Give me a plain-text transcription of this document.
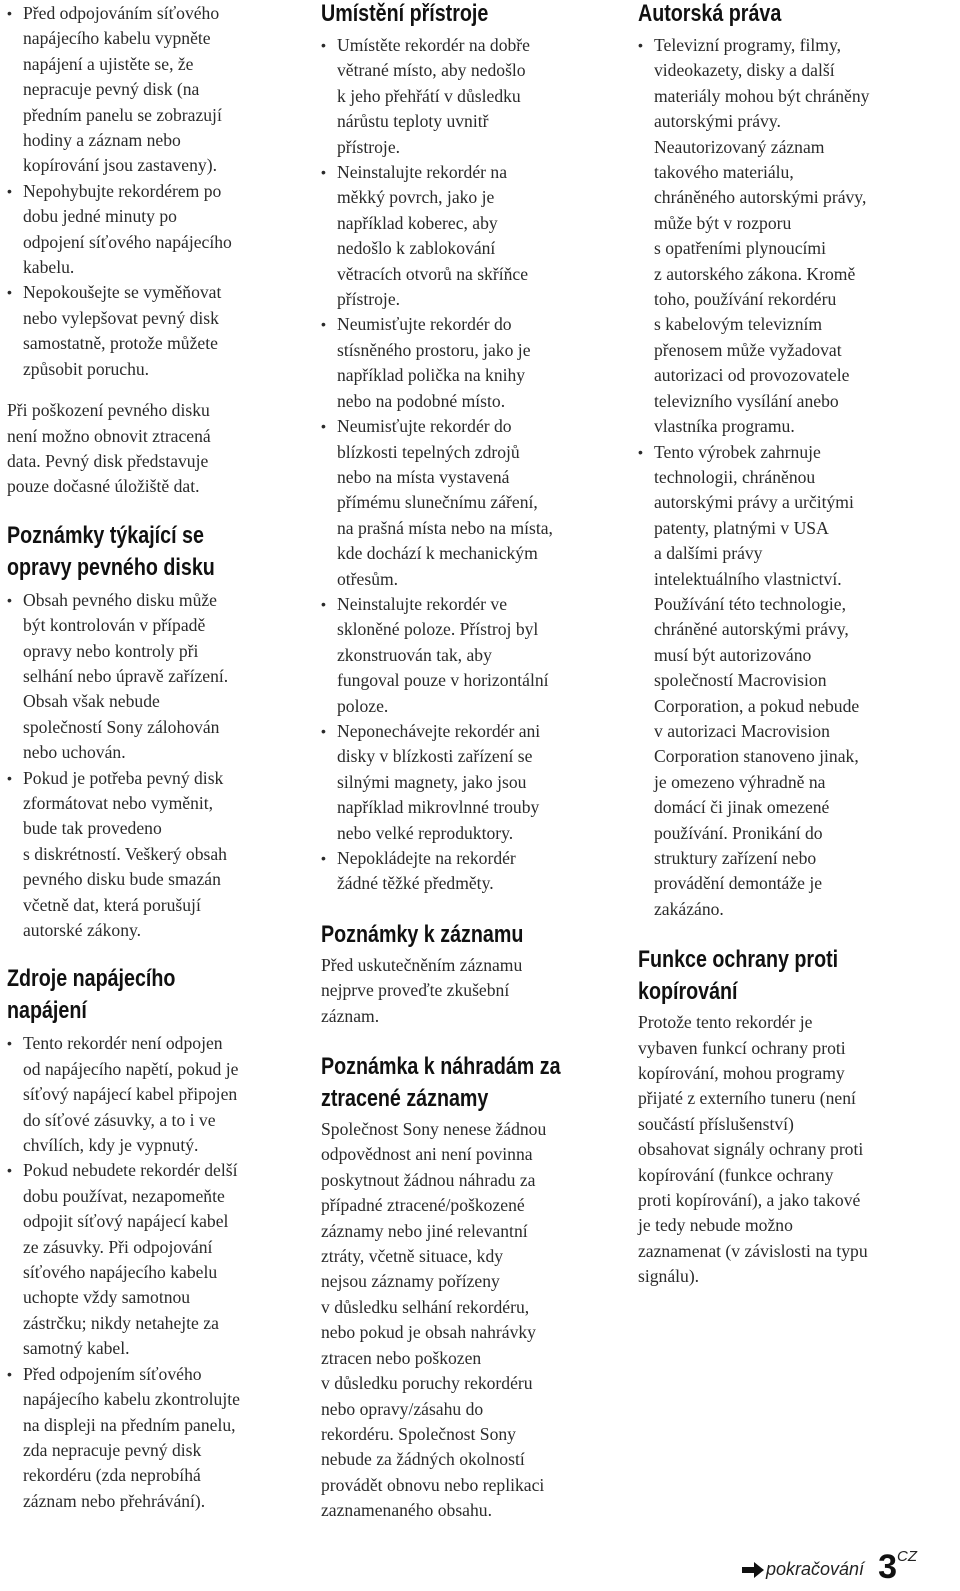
• Před odpojováním síťového
napájecího kabelu vypněte
napájení a ujistěte se, že
nepracuje pevný disk (na
předním panelu se zobrazují
hodiny a záznam nebo
kopírování jsou zastaveny).
• Nepohybujte rekordérem po
dobu jedné minuty po
odpojení síťového napájecího
kabelu.
• Nepokoušejte se vyměňovat
nebo vylepšovat pevný disk
samostatně, protože můžete
způsobit poruchu.

Při poškození pevného disku
není možno obnovit ztracená
data. Pevný disk představuje
pouze dočasné úložiště dat.

Poznámky týkající se
opravy pevného disku
• Obsah pevného disku může
být kontrolován v případě
opravy nebo kontroly při
selhání nebo úpravě zařízení.
Obsah však nebude
společností Sony zálohován
nebo uchován.
• Pokud je potřeba pevný disk
zformátovat nebo vyměnit,
bude tak provedeno
s diskrétností. Veškerý obsah
pevného disku bude smazán
včetně dat, která porušují
autorské zákony.
Zdroje napájecího
napájení
• Tento rekordér není odpojen
od napájecího napětí, pokud je
síťový napájecí kabel připojen
do síťové zásuvky, a to i ve
chvílích, kdy je vypnutý.
• Pokud nebudete rekordér delší
dobu používat, nezapomeňte
odpojit síťový napájecí kabel
ze zásuvky. Při odpojování
síťového napájecího kabelu
uchopte vždy samotnou
zástrčku; nikdy netahejte za
samotný kabel.
• Před odpojením síťového
napájecího kabelu zkontrolujte
na displeji na předním panelu,
zda nepracuje pevný disk
rekordéru (zda neprobíhá
záznam nebo přehrávání).
Umístění přístroje
• Umístěte rekordér na dobře
větrané místo, aby nedošlo
k jeho přehřátí v důsledku
nárůstu teploty uvnitř
přístroje.
• Neinstalujte rekordér na
měkký povrch, jako je
například koberec, aby
nedošlo k zablokování
větracích otvorů na skříňce
přístroje.
• Neumisťujte rekordér do
stísněného prostoru, jako je
například polička na knihy
nebo na podobné místo.
• Neumisťujte rekordér do
blízkosti tepelných zdrojů
nebo na místa vystavená
přímému slunečnímu záření,
na prašná místa nebo na místa,
kde dochází k mechanickým
otřesům.
• Neinstalujte rekordér ve
skloněné poloze. Přístroj byl
zkonstruován tak, aby
fungoval pouze v horizontální
poloze.
• Neponechávejte rekordér ani
disky v blízkosti zařízení se
silnými magnety, jako jsou
například mikrovlnné trouby
nebo velké reproduktory.
• Nepokládejte na rekordér
žádné těžké předměty.
Poznámky k záznamu

Před uskutečněním záznamu
nejprve proveďte zkušební
záznam.

Poznámka k náhradám za
ztracené záznamy

Společnost Sony nenese žádnou
odpovědnost ani není povinna
poskytnout žádnou náhradu za
případné ztracené/poškozené
záznamy nebo jiné relevantní
ztráty, včetně situace, kdy
nejsou záznamy pořízeny
v důsledku selhání rekordéru,
nebo pokud je obsah nahrávky
ztracen nebo poškozen
v důsledku poruchy rekordéru
nebo opravy/zásahu do
rekordéru. Společnost Sony
nebude za žádných okolností
provádět obnovu nebo replikaci
zaznamenaného obsahu.

Autorská práva
• Televizní programy, filmy,
videokazety, disky a další
materiály mohou být chráněny
autorskými právy.
Neautorizovaný záznam
takového materiálu,
chráněného autorskými právy,
může být v rozporu
s opatřeními plynoucími
z autorského zákona. Kromě
toho, používání rekordéru
s kabelovým televizním
přenosem může vyžadovat
autorizaci od provozovatele
televizního vysílání anebo
vlastníka programu.
• Tento výrobek zahrnuje
technologii, chráněnou
autorskými právy a určitými
patenty, platnými v USA
a dalšími právy
intelektuálního vlastnictví.
Používání této technologie,
chráněné autorskými právy,
musí být autorizováno
společností Macrovision
Corporation, a pokud nebude
v autorizaci Macrovision
Corporation stanoveno jinak,
je omezeno výhradně na
domácí či jinak omezené
používání. Pronikání do
struktury zařízení nebo
provádění demontáže je
zakázáno.
Funkce ochrany proti
kopírování

Protože tento rekordér je
vybaven funkcí ochrany proti
kopírování, mohou programy
přijaté z externího tuneru (není
součástí příslušenství)
obsahovat signály ochrany proti
kopírování (funkce ochrany
proti kopírování), a jako takové
je tedy nebude možno
zaznamenat (v závislosti na typu
signálu).

pokračování 3 CZ
